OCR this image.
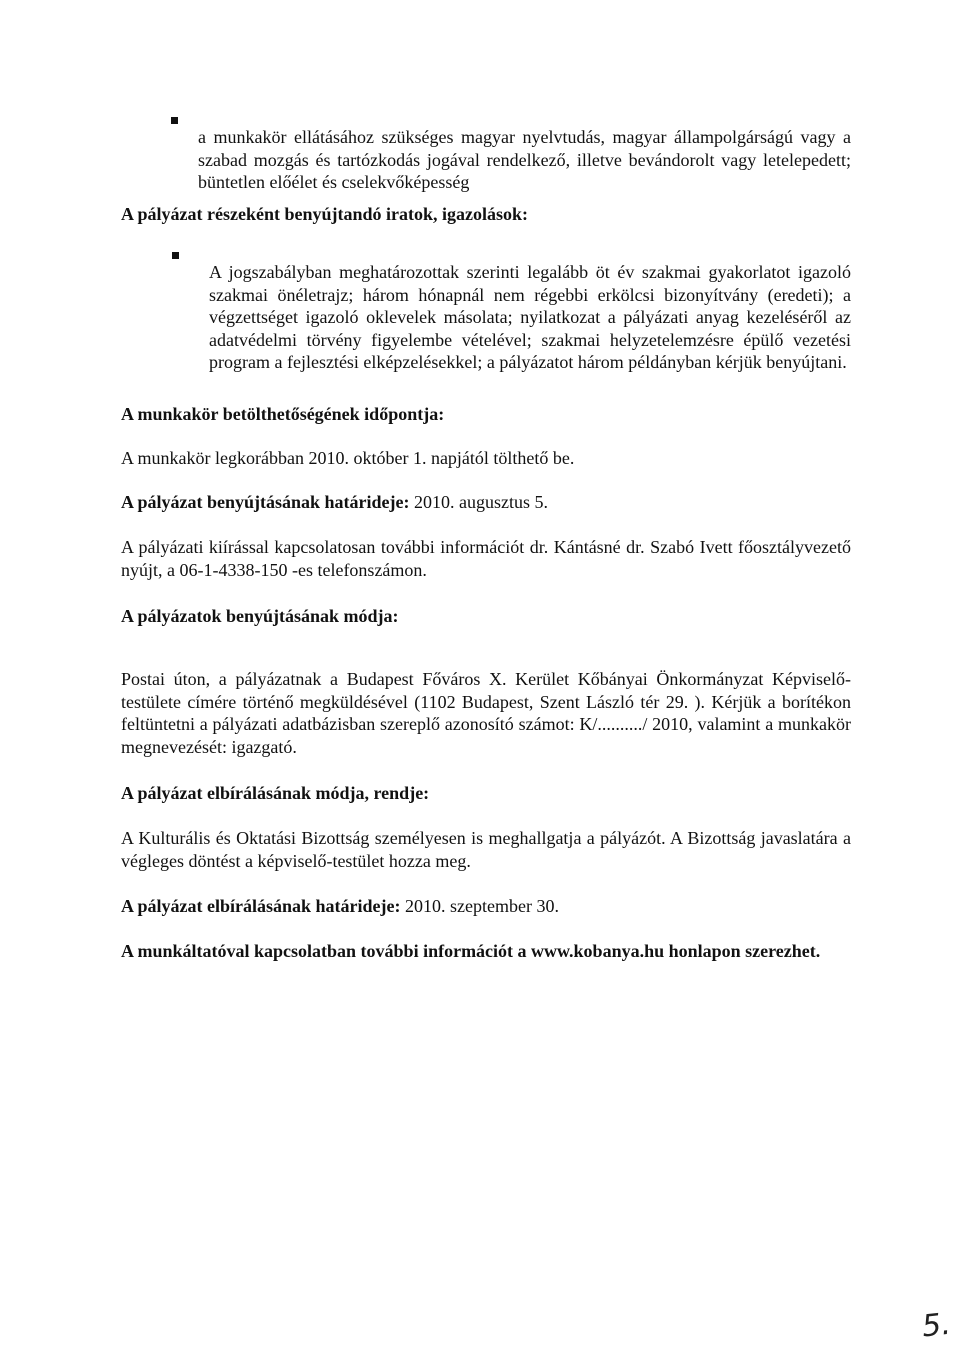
a munkakör ellátásához szükséges magyar nyelvtudás, magyar állampolgárságú vagy a szabad mozgás és tartózkodás jogával rendelkező, illetve bevándorolt vagy letelepedett; büntetlen előélet és cselekvőképesség

A pályázat részeként benyújtandó iratok, igazolások:

A jogszabályban meghatározottak szerinti legalább öt év szakmai gyakorlatot igazoló szakmai önéletrajz; három hónapnál nem régebbi erkölcsi bizonyítvány (eredeti); a végzettséget igazoló oklevelek másolata; nyilatkozat a pályázati anyag kezeléséről az adatvédelmi törvény figyelembe vételével; szakmai helyzetelemzésre épülő vezetési program a fejlesztési elképzelésekkel; a pályázatot három példányban kérjük benyújtani.

A munkakör betölthetőségének időpontja:

A munkakör legkorábban 2010. október 1. napjától tölthető be.

A pályázat benyújtásának határideje: 2010. augusztus 5.

A pályázati kiírással kapcsolatosan további információt dr. Kántásné dr. Szabó Ivett főosztályvezető nyújt, a 06-1-4338-150 -es telefonszámon.

A pályázatok benyújtásának módja:

Postai úton, a pályázatnak a Budapest Főváros X. Kerület Kőbányai Önkormányzat Képviselő-testülete címére történő megküldésével (1102 Budapest, Szent László tér 29. ). Kérjük a borítékon feltüntetni a pályázati adatbázisban szereplő azonosító számot: K/........../ 2010, valamint a munkakör megnevezését: igazgató.

A pályázat elbírálásának módja, rendje:

A Kulturális és Oktatási Bizottság személyesen is meghallgatja a pályázót. A Bizottság javaslatára a végleges döntést a képviselő-testület hozza meg.

A pályázat elbírálásának határideje: 2010. szeptember 30.

A munkáltatóval kapcsolatban további információt a www.kobanya.hu honlapon szerezhet.

5.
